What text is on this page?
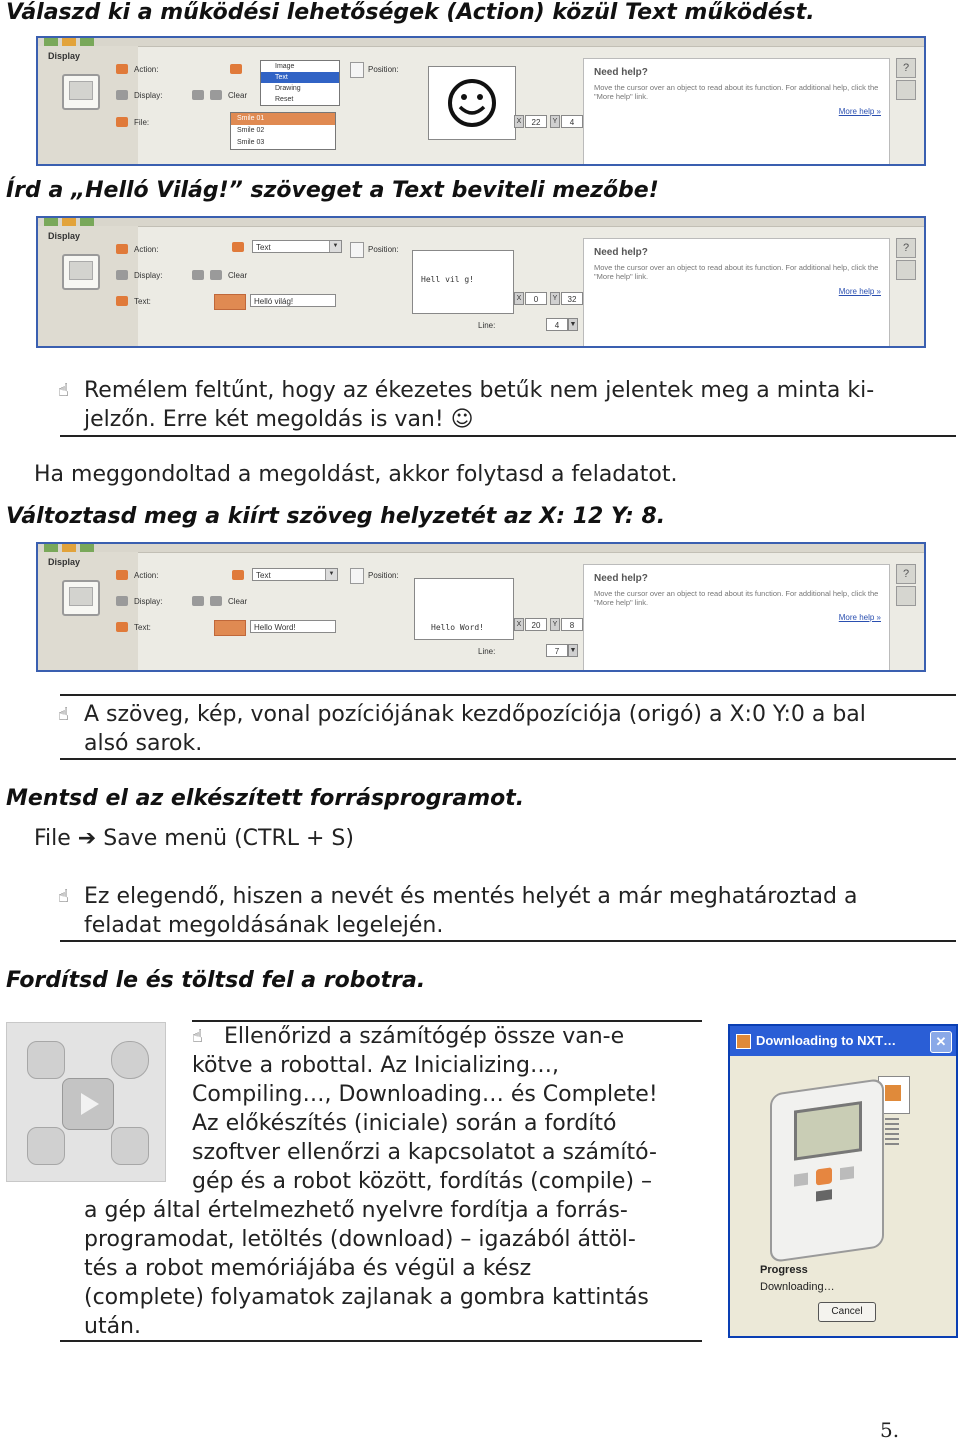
Válaszd ki a működési lehetőségek (Action) közül Text működést.
Display
Action:
Display:
File:
Image
Text
Drawing
Reset
Clear
Smile 01
Smile 02
Smile 03
Position:
X	22	Y	4
Need help?
Move the cursor over an object to read about its function. For additional help, click the "More help" link.
More help »
?
Írd a „Helló Világ!” szöveget a Text beviteli mezőbe!
Display
Action:
Display:
Text:
Text	▼
Clear
Helló világ!
Position:
Hell vil g!
X	0	Y	32
Line:	4	▼
Need help?
Move the cursor over an object to read about its function. For additional help, click the "More help" link.
More help »
?
☝ Remélem feltűnt, hogy az ékezetes betűk nem jelentek meg a minta ki-
jelzőn. Erre két megoldás is van! ☺
Ha meggondoltad a megoldást, akkor folytasd a feladatot.
Változtasd meg a kiírt szöveg helyzetét az X: 12 Y: 8.
Display
Action:
Display:
Text:
Text	▼
Clear
Hello Word!
Position:
Hello Word!	X	20	Y	8
Line:	7	▼
Need help?
Move the cursor over an object to read about its function. For additional help, click the "More help" link.
More help »
?
☝ A szöveg, kép, vonal pozíciójának kezdőpozíciója (origó) a X:0 Y:0 a bal
alsó sarok.
Mentsd el az elkészített forrásprogramot.
File ➔ Save menü (CTRL + S)
☝ Ez elegendő, hiszen a nevét és mentés helyét a már meghatároztad a
feladat megoldásának legelején.
Fordítsd le és töltsd fel a robotra.
☝ Ellenőrizd a számítógép össze van-e
kötve a robottal. Az Inicializing…,
Compiling…, Downloading… és Complete!
Az előkészítés (iniciale) során a fordító
szoftver ellenőrzi a kapcsolatot a számító-
gép és a robot között, fordítás (compile) –
a gép által értelmezhető nyelvre fordítja a forrás-
programodat, letöltés (download) – igazából áttöl-
tés a robot memóriájába és végül a kész
(complete) folyamatok zajlanak a gombra kattintás
után.
Downloading to NXT…	✕
Progress
Downloading…
Cancel
5.
